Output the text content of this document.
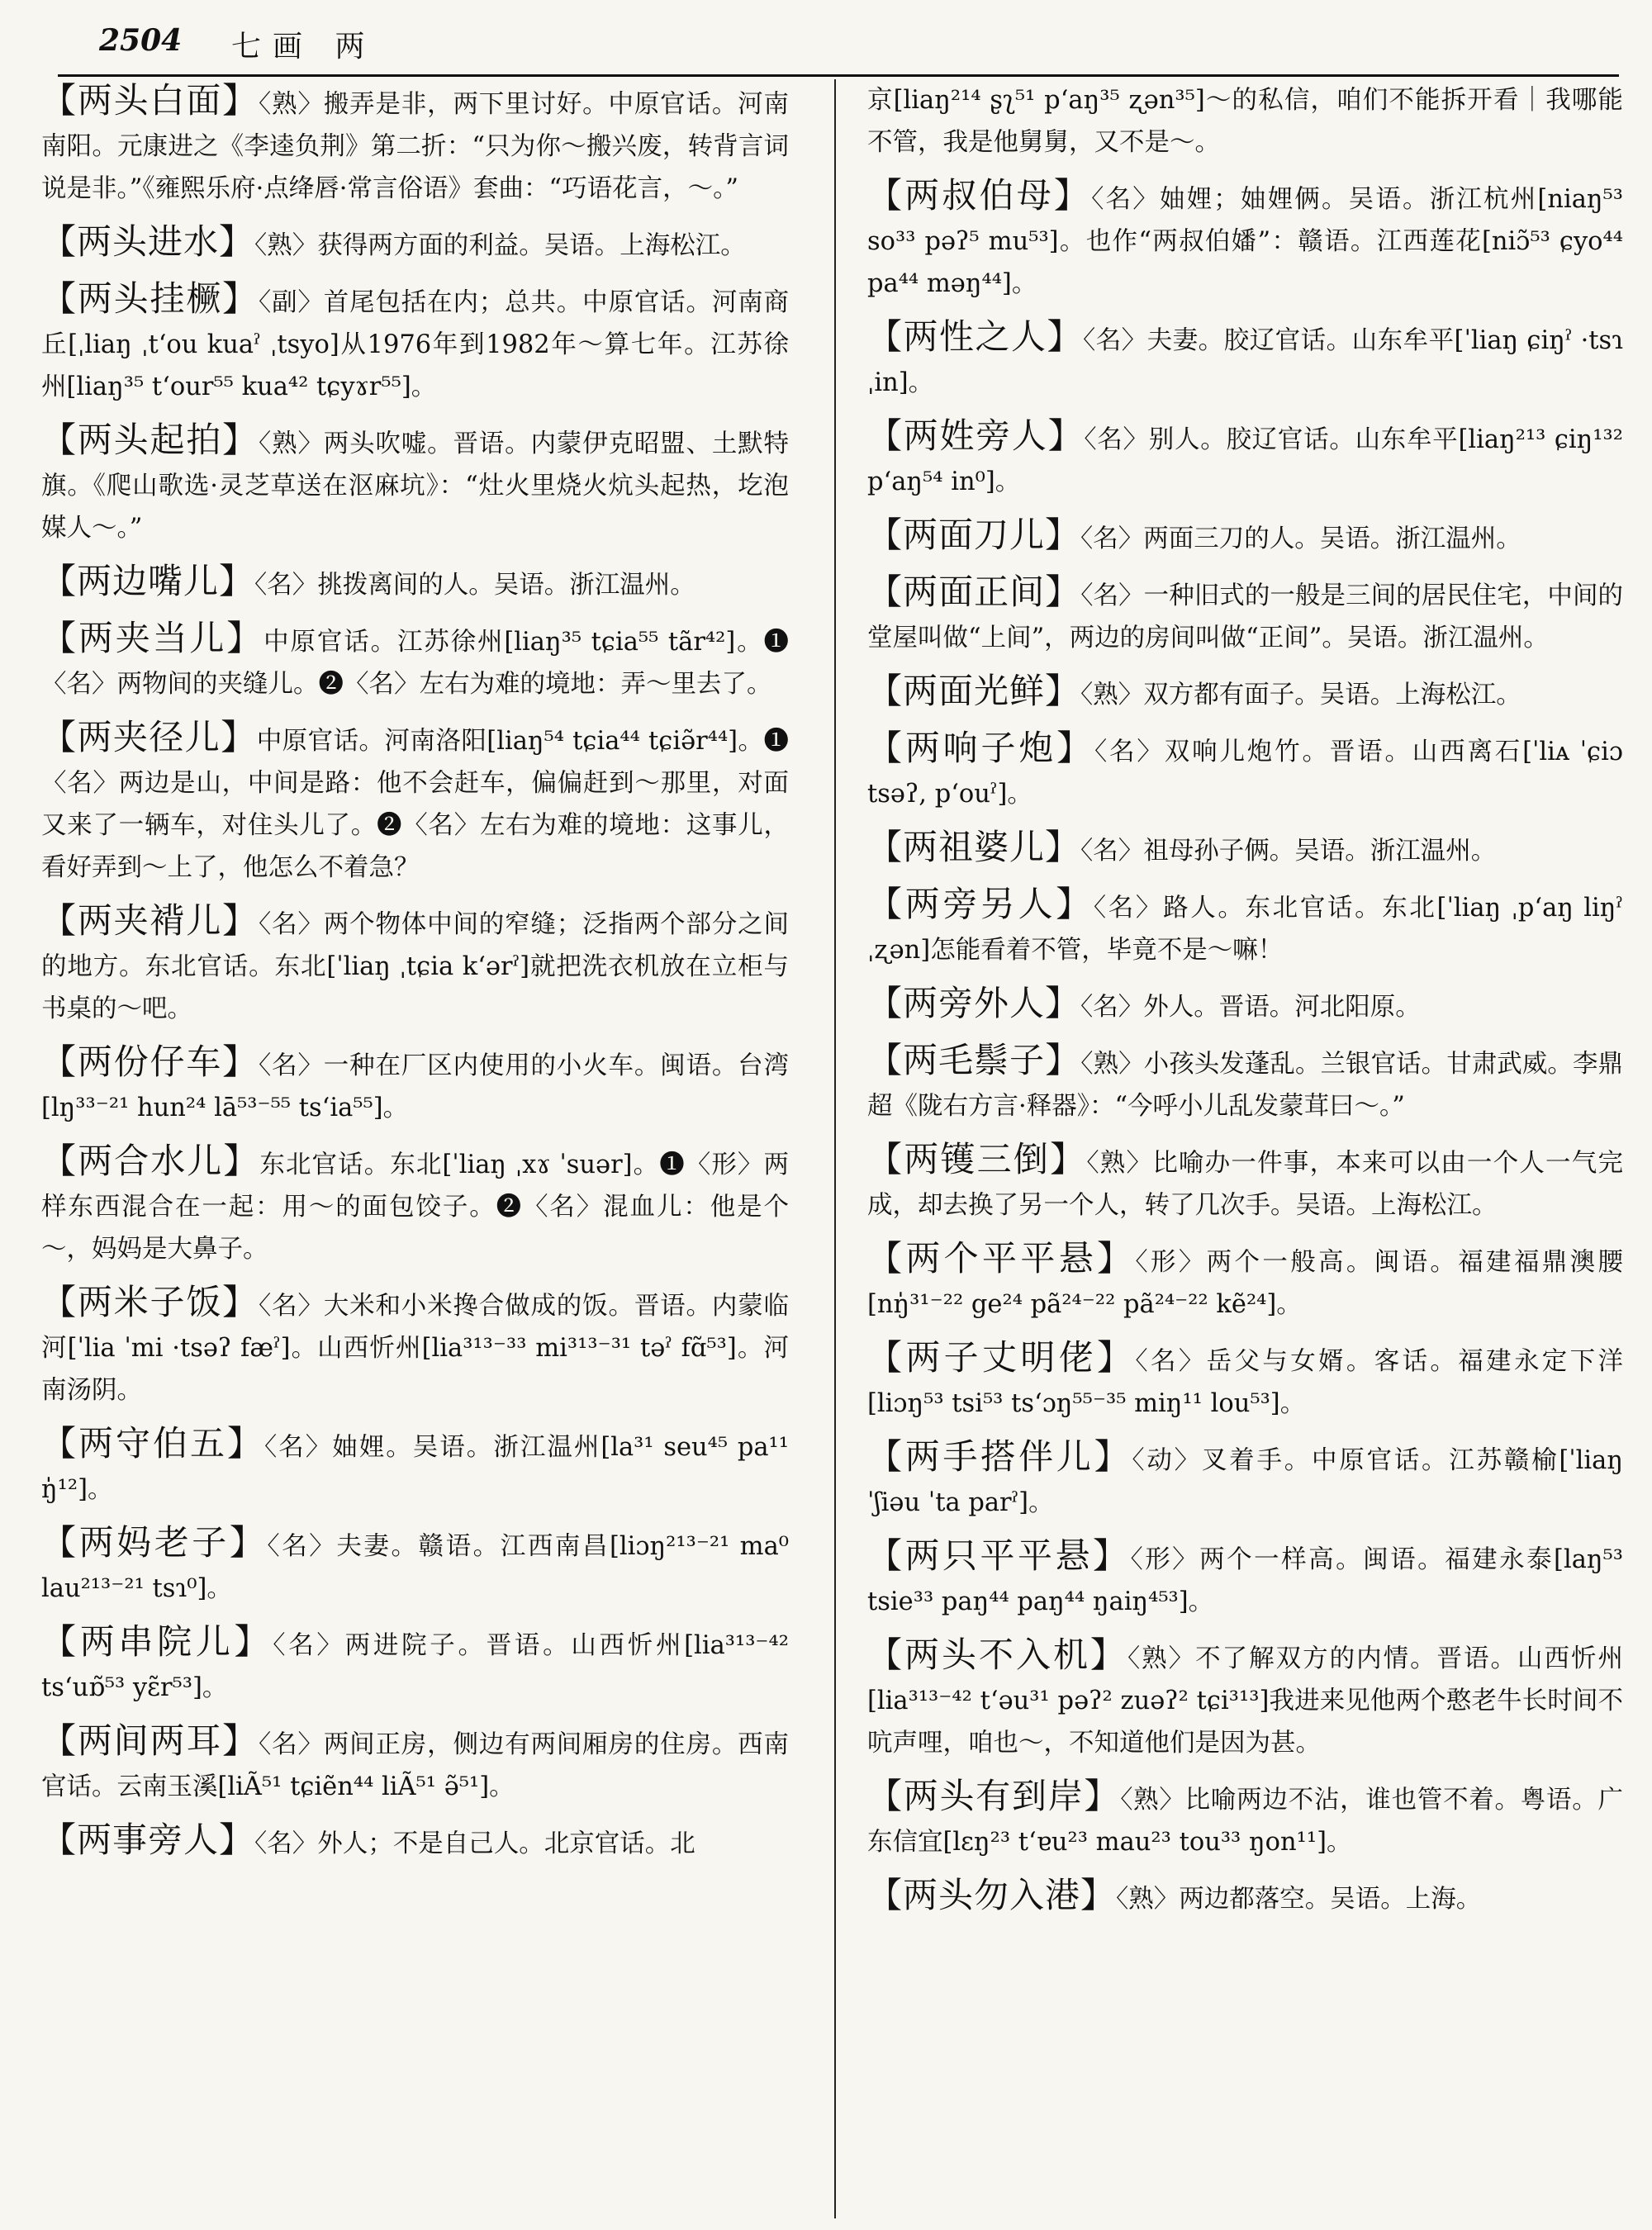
2504 七画 两

【两头白面】〈熟〉搬弄是非，两下里讨好。中原官话。河南南阳。元康进之《李逵负荆》第二折：“只为你～搬兴废，转背言词说是非。”《雍熙乐府·点绛唇·常言俗语》套曲：“巧语花言，～。”

【两头进水】〈熟〉获得两方面的利益。吴语。上海松江。

【两头挂橛】〈副〉首尾包括在内；总共。中原官话。河南商丘[ˌliaŋ ˌt‘ou kuaˀ ˌtsyo]从1976年到1982年～算七年。江苏徐州[liaŋ³⁵ t‘our⁵⁵ kua⁴² tɕyɤr⁵⁵]。

【两头起拍】〈熟〉两头吹嘘。晋语。内蒙伊克昭盟、土默特旗。《爬山歌选·灵芝草送在沤麻坑》：“灶火里烧火炕头起热，圪泡媒人～。”

【两边嘴儿】〈名〉挑拨离间的人。吴语。浙江温州。

【两夹当儿】中原官话。江苏徐州[liaŋ³⁵ tɕia⁵⁵ tãr⁴²]。❶〈名〉两物间的夹缝儿。❷〈名〉左右为难的境地：弄～里去了。

【两夹径儿】中原官话。河南洛阳[liaŋ⁵⁴ tɕia⁴⁴ tɕiə̃r⁴⁴]。❶〈名〉两边是山，中间是路：他不会赶车，偏偏赶到～那里，对面又来了一辆车，对住头儿了。❷〈名〉左右为难的境地：这事儿，看好弄到～上了，他怎么不着急？

【两夹褙儿】〈名〉两个物体中间的窄缝；泛指两个部分之间的地方。东北官话。东北[ˈliaŋ ˌtɕia k‘ərˀ]就把洗衣机放在立柜与书桌的～吧。

【两份仔车】〈名〉一种在厂区内使用的小火车。闽语。台湾[lŋ³³⁻²¹ hun²⁴ lā⁵³⁻⁵⁵ ts‘ia⁵⁵]。

【两合水儿】东北官话。东北[ˈliaŋ ˌxɤ ˈsuər]。❶〈形〉两样东西混合在一起：用～的面包饺子。❷〈名〉混血儿：他是个～，妈妈是大鼻子。

【两米子饭】〈名〉大米和小米搀合做成的饭。晋语。内蒙临河[ˈlia ˈmi ·tsəʔ fæˀ]。山西忻州[lia³¹³⁻³³ mi³¹³⁻³¹ təˀ fɑ̃⁵³]。河南汤阴。

【两守伯五】〈名〉妯娌。吴语。浙江温州[la³¹ seu⁴⁵ pa¹¹ ŋ̍¹²]。

【两妈老子】〈名〉夫妻。赣语。江西南昌[liɔŋ²¹³⁻²¹ ma⁰ lau²¹³⁻²¹ tsɿ⁰]。

【两串院儿】〈名〉两进院子。晋语。山西忻州[lia³¹³⁻⁴² ts‘uɒ̃⁵³ yɛ̃r⁵³]。

【两间两耳】〈名〉两间正房，侧边有两间厢房的住房。西南官话。云南玉溪[liÃ⁵¹ tɕiẽn⁴⁴ liÃ⁵¹ ə̃⁵¹]。

【两事旁人】〈名〉外人；不是自己人。北京官话。北

京[liaŋ²¹⁴ ʂʅ⁵¹ p‘aŋ³⁵ ʐən³⁵]～的私信，咱们不能拆开看｜我哪能不管，我是他舅舅，又不是～。

【两叔伯母】〈名〉妯娌；妯娌俩。吴语。浙江杭州[niaŋ⁵³ so³³ pəʔ⁵ mu⁵³]。也作“两叔伯嬏”：赣语。江西莲花[niɔ̃⁵³ ɕyo⁴⁴ pa⁴⁴ məŋ⁴⁴]。

【两性之人】〈名〉夫妻。胶辽官话。山东牟平[ˈliaŋ ɕiŋˀ ·tsɿ ˌin]。

【两姓旁人】〈名〉别人。胶辽官话。山东牟平[liaŋ²¹³ ɕiŋ¹³² p‘aŋ⁵⁴ in⁰]。

【两面刀儿】〈名〉两面三刀的人。吴语。浙江温州。

【两面正间】〈名〉一种旧式的一般是三间的居民住宅，中间的堂屋叫做“上间”，两边的房间叫做“正间”。吴语。浙江温州。

【两面光鲜】〈熟〉双方都有面子。吴语。上海松江。

【两响子炮】〈名〉双响儿炮竹。晋语。山西离石[ˈliᴀ ˈɕiɔ tsəʔ, p‘ouˀ]。

【两祖婆儿】〈名〉祖母孙子俩。吴语。浙江温州。

【两旁另人】〈名〉路人。东北官话。东北[ˈliaŋ ˌp‘aŋ liŋˀ ˌʐən]怎能看着不管，毕竟不是～嘛！

【两旁外人】〈名〉外人。晋语。河北阳原。

【两毛鬃子】〈熟〉小孩头发蓬乱。兰银官话。甘肃武威。李鼎超《陇右方言·释器》：“今呼小儿乱发蒙茸曰～。”

【两镬三倒】〈熟〉比喻办一件事，本来可以由一个人一气完成，却去换了另一个人，转了几次手。吴语。上海松江。

【两个平平悬】〈形〉两个一般高。闽语。福建福鼎澳腰[nŋ̍³¹⁻²² ge²⁴ pã²⁴⁻²² pã²⁴⁻²² kẽ²⁴]。

【两子丈明佬】〈名〉岳父与女婿。客话。福建永定下洋[liɔŋ⁵³ tsi⁵³ ts‘ɔŋ⁵⁵⁻³⁵ miŋ¹¹ lou⁵³]。

【两手搭伴儿】〈动〉叉着手。中原官话。江苏赣榆[ˈliaŋ ˈʃiəu ˈta parˀ]。

【两只平平悬】〈形〉两个一样高。闽语。福建永泰[laŋ⁵³ tsie³³ paŋ⁴⁴ paŋ⁴⁴ ŋaiŋ⁴⁵³]。

【两头不入机】〈熟〉不了解双方的内情。晋语。山西忻州[lia³¹³⁻⁴² t‘əu³¹ pəʔ² zuəʔ² tɕi³¹³]我进来见他两个憨老牛长时间不吭声哩，咱也～，不知道他们是因为甚。

【两头有到岸】〈熟〉比喻两边不沾，谁也管不着。粤语。广东信宜[lɛŋ²³ t‘ɐu²³ mau²³ tou³³ ŋon¹¹]。

【两头勿入港】〈熟〉两边都落空。吴语。上海。
